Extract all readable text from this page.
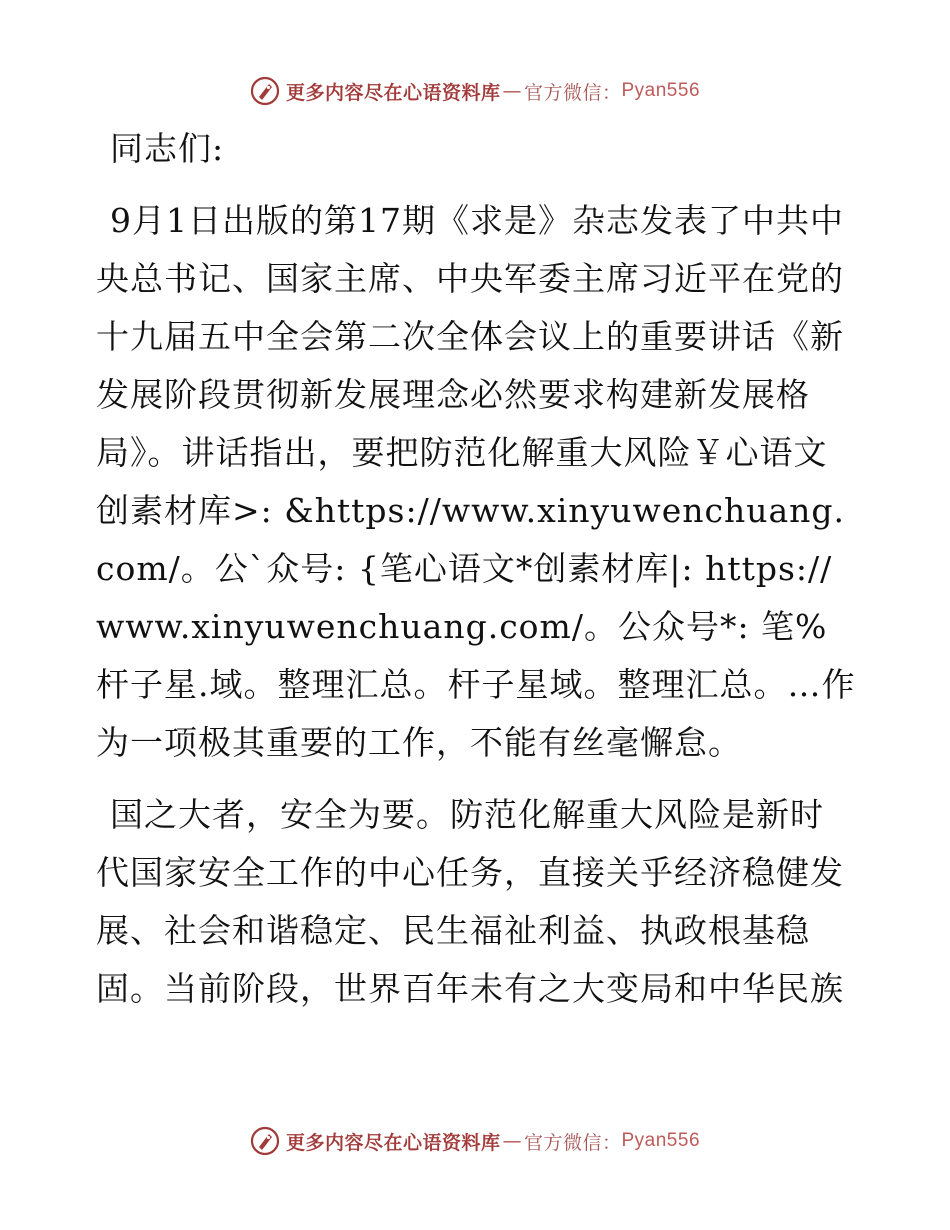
更多内容尽在心语资料库 — 官方微信： Pyan556
同志们:

9月1日出版的第17期《求是》杂志发表了中共中央总书记、国家主席、中央军委主席习近平在党的十九届五中全会第二次全体会议上的重要讲话《新发展阶段贯彻新发展理念必然要求构建新发展格局》。讲话指出，要把防范化解重大风险￥心语文创素材库>: &https://www.xinyuwenchuang.com/。公`众号: {笔心语文*创素材库|: https://www.xinyuwenchuang.com/。公众号*: 笔%杆子星.域。整理汇总。杆子星域。整理汇总。…作为一项极其重要的工作，不能有丝毫懈怠。

国之大者，安全为要。防范化解重大风险是新时代国家安全工作的中心任务，直接关乎经济稳健发展、社会和谐稳定、民生福祉利益、执政根基稳固。当前阶段，世界百年未有之大变局和中华民族

更多内容尽在心语资料库 — 官方微信： Pyan556
